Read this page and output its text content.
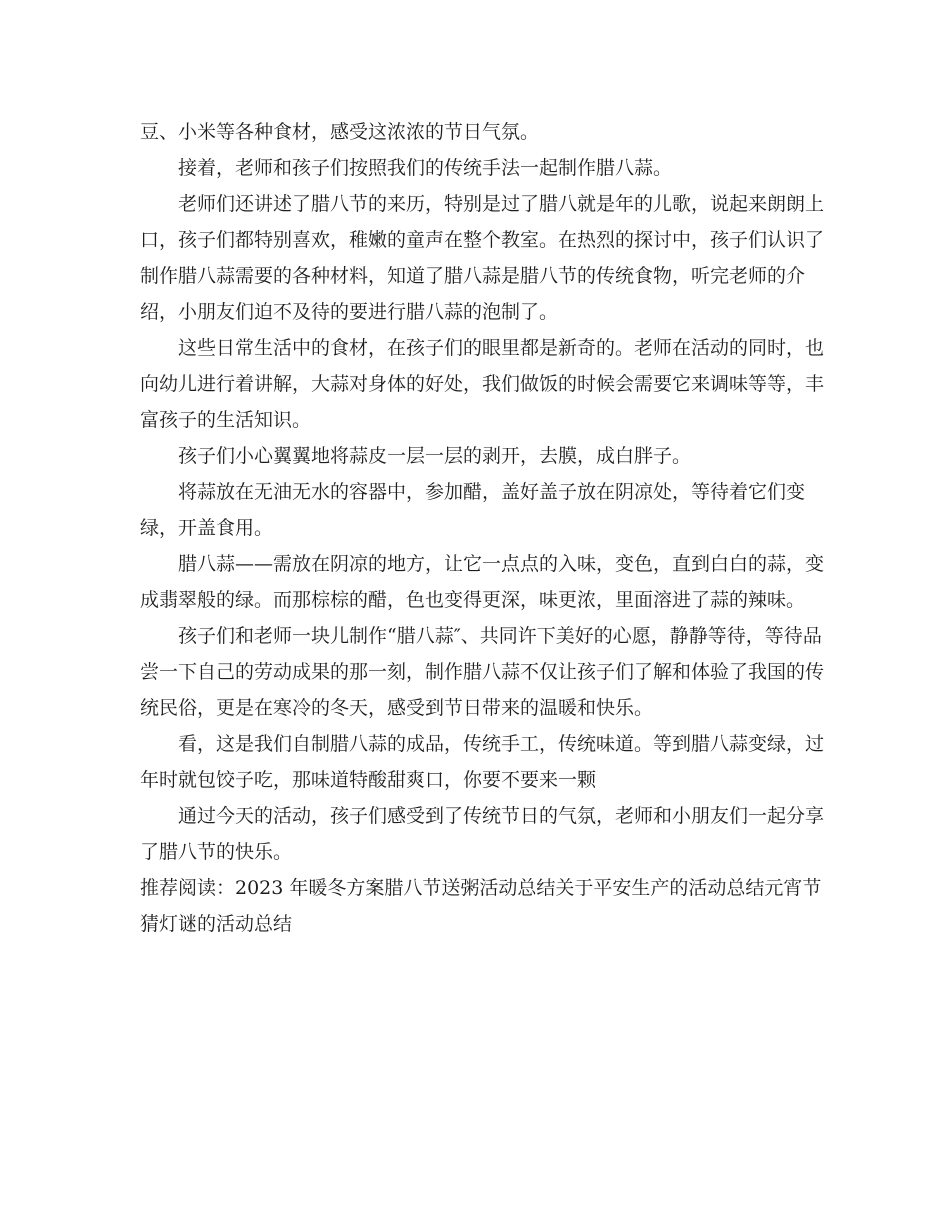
豆、小米等各种食材，感受这浓浓的节日气氛。

接着，老师和孩子们按照我们的传统手法一起制作腊八蒜。

老师们还讲述了腊八节的来历，特别是过了腊八就是年的儿歌，说起来朗朗上口，孩子们都特别喜欢，稚嫩的童声在整个教室。在热烈的探讨中，孩子们认识了制作腊八蒜需要的各种材料，知道了腊八蒜是腊八节的传统食物，听完老师的介绍，小朋友们迫不及待的要进行腊八蒜的泡制了。

这些日常生活中的食材，在孩子们的眼里都是新奇的。老师在活动的同时，也向幼儿进行着讲解，大蒜对身体的好处，我们做饭的时候会需要它来调味等等，丰富孩子的生活知识。

孩子们小心翼翼地将蒜皮一层一层的剥开，去膜，成白胖子。

将蒜放在无油无水的容器中，参加醋，盖好盖子放在阴凉处，等待着它们变绿，开盖食用。

腊八蒜——需放在阴凉的地方，让它一点点的入味，变色，直到白白的蒜，变成翡翠般的绿。而那棕棕的醋，色也变得更深，味更浓，里面溶进了蒜的辣味。

孩子们和老师一块儿制作“腊八蒜″、共同许下美好的心愿，静静等待，等待品尝一下自己的劳动成果的那一刻，制作腊八蒜不仅让孩子们了解和体验了我国的传统民俗，更是在寒冷的冬天，感受到节日带来的温暖和快乐。

看，这是我们自制腊八蒜的成品，传统手工，传统味道。等到腊八蒜变绿，过年时就包饺子吃，那味道特酸甜爽口，你要不要来一颗

通过今天的活动，孩子们感受到了传统节日的气氛，老师和小朋友们一起分享了腊八节的快乐。

推荐阅读：2023 年暖冬方案腊八节送粥活动总结关于平安生产的活动总结元宵节猜灯谜的活动总结
